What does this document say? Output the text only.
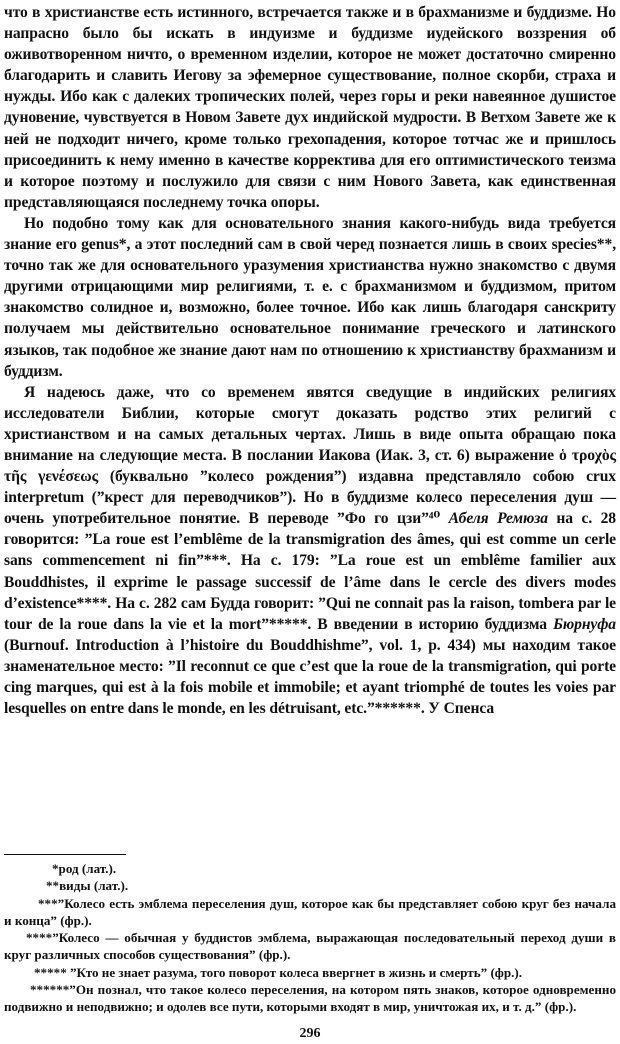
что в христианстве есть истинного, встречается также и в брахманизме и буддизме. Но напрасно было бы искать в индуизме и буддизме иудейского воззрения об оживотворенном ничто, о временном изделии, которое не может достаточно смиренно благодарить и славить Иегову за эфемерное существование, полное скорби, страха и нужды. Ибо как с далеких тропических полей, через горы и реки навеянное душистое дуновение, чувствуется в Новом Завете дух индийской мудрости. В Ветхом Завете же к ней не подходит ничего, кроме только грехопадения, которое тотчас же и пришлось присоединить к нему именно в качестве корректива для его оптимистического теизма и которое поэтому и послужило для связи с ним Нового Завета, как единственная представляющаяся последнему точка опоры.

Но подобно тому как для основательного знания какого-нибудь вида требуется знание его genus*, а этот последний сам в свой черед познается лишь в своих species**, точно так же для основательного уразумения христианства нужно знакомство с двумя другими отрицающими мир религиями, т. е. с брахманизмом и буддизмом, притом знакомство солидное и, возможно, более точное. Ибо как лишь благодаря санскриту получаем мы действительно основательное понимание греческого и латинского языков, так подобное же знание дают нам по отношению к христианству брахманизм и буддизм.

Я надеюсь даже, что со временем явятся сведущие в индийских религиях исследователи Библии, которые смогут доказать родство этих религий с христианством и на самых детальных чертах. Лишь в виде опыта обращаю пока внимание на следующие места. В послании Иакова (Иак. 3, ст. 6) выражение ὁ τροχὸς τῆς γενέσεως (буквально ”колесо рождения”) издавна представляло собою crux interpretum (”крест для переводчиков”). Но в буддизме колесо переселения душ — очень употребительное понятие. В переводе ”Фо го цзи”⁴⁰ Абеля Ремюза на с. 28 говорится: ”La roue est l’emblême de la transmigration des âmes, qui est comme un cerle sans commencement ni fin”***. На с. 179: ”La roue est un emblême familier aux Bouddhistes, il exprime le passage successif de l’âme dans le cercle des divers modes d’existence****. На с. 282 сам Будда говорит: ”Qui ne connait pas la raison, tombera par le tour de la roue dans la vie et la mort”*****. В введении в историю буддизма Бюрнуфа (Burnouf. Introduction à l’histoire du Bouddhishme”, vol. 1, p. 434) мы находим такое знаменательное место: ”Il reconnut ce que c’est que la roue de la transmigration, qui porte cing marques, qui est à la fois mobile et immobile; et ayant triomphé de toutes les voies par lesquelles on entre dans le monde, en les détruisant, etc.”******. У Спенса

*род (лат.).

**виды (лат.).

***”Колесо есть эмблема переселения душ, которое как бы представляет собою круг без начала и конца” (фр.).

****”Колесо — обычная у буддистов эмблема, выражающая последовательный переход души в круг различных способов существования” (фр.).

***** ”Кто не знает разума, того поворот колеса ввергнет в жизнь и смерть” (фр.).

******”Он познал, что такое колесо переселения, на котором пять знаков, которое одновременно подвижно и неподвижно; и одолев все пути, которыми входят в мир, уничтожая их, и т. д.” (фр.).

296
